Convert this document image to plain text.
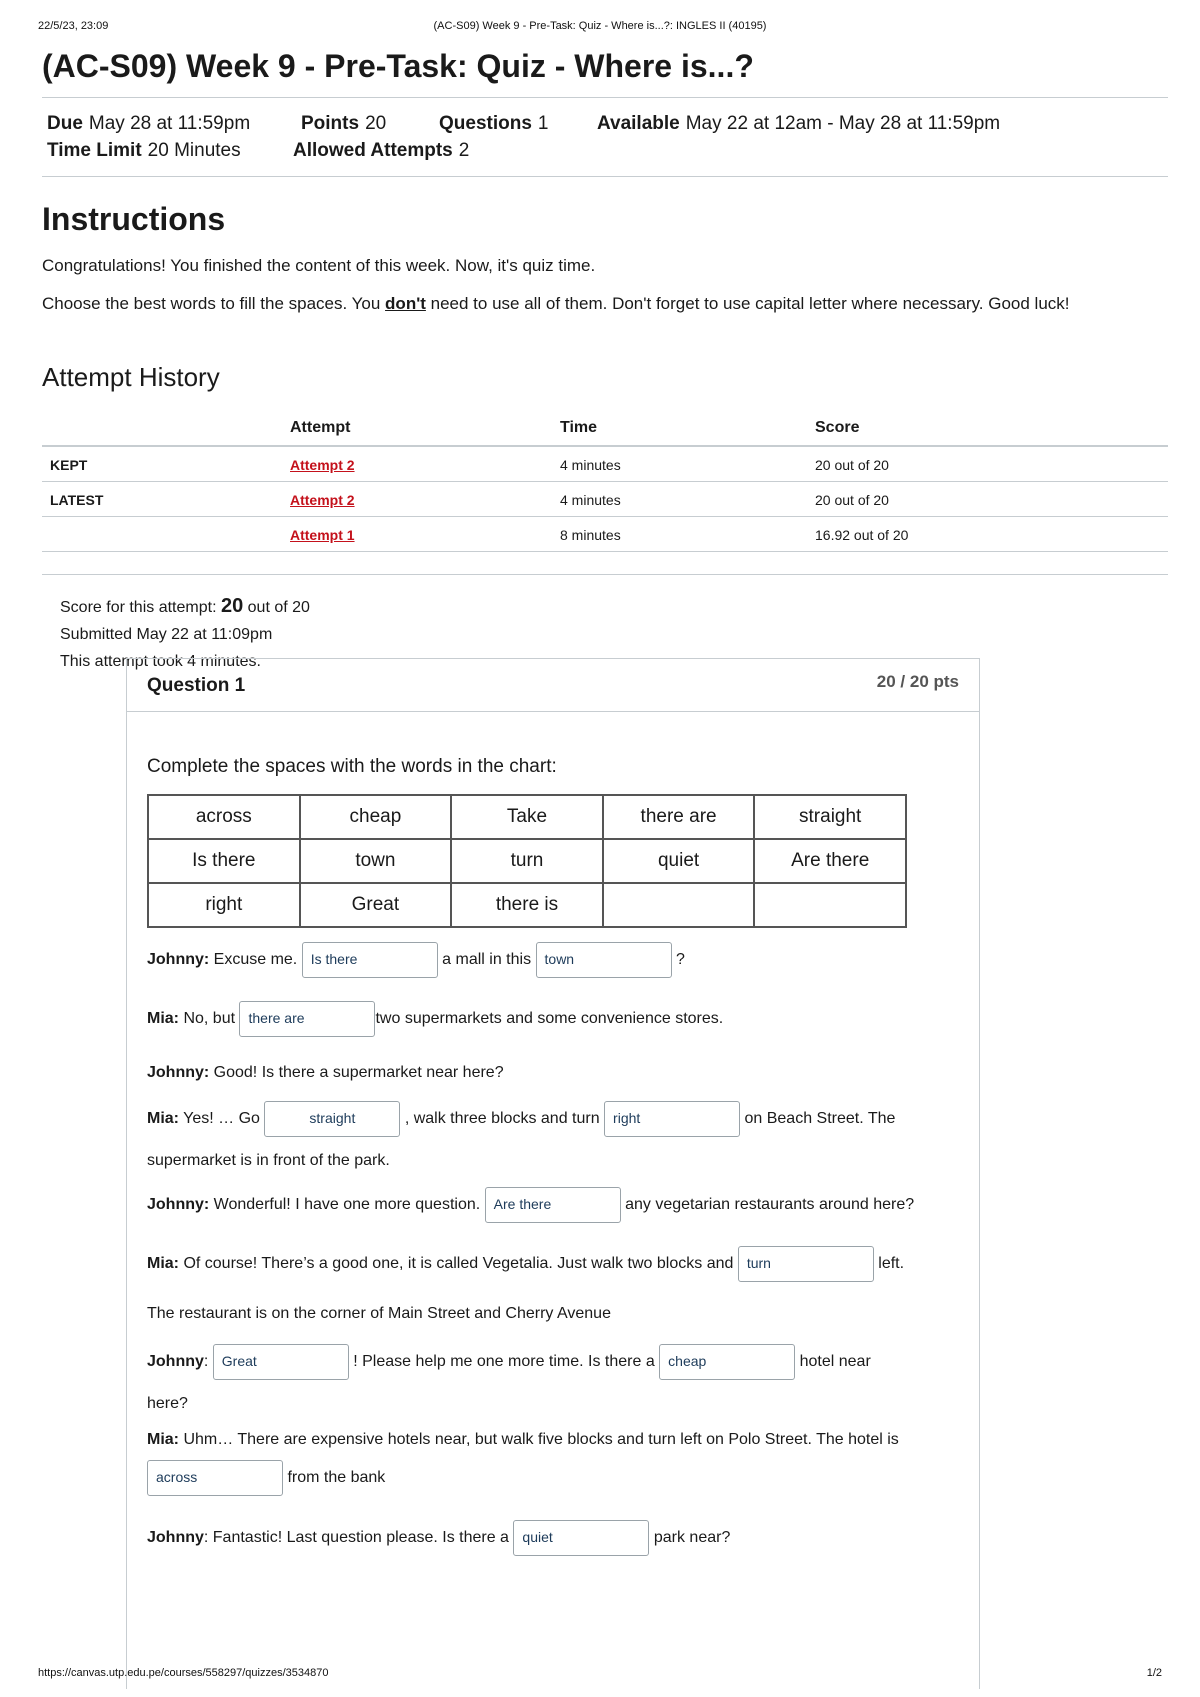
22/5/23, 23:09	(AC-S09) Week 9 - Pre-Task: Quiz - Where is...?: INGLES II (40195)
(AC-S09) Week 9 - Pre-Task: Quiz - Where is...?
Due May 28 at 11:59pm	Points 20	Questions 1	Available May 22 at 12am - May 28 at 11:59pm
Time Limit 20 Minutes	Allowed Attempts 2
Instructions

Congratulations! You finished the content of this week. Now, it's quiz time.

Choose the best words to fill the spaces. You don't need to use all of them. Don't forget to use capital letter where necessary. Good luck!

Attempt History
	Attempt	Time	Score
KEPT	Attempt 2	4 minutes	20 out of 20
LATEST	Attempt 2	4 minutes	20 out of 20
	Attempt 1	8 minutes	16.92 out of 20
Score for this attempt: 20 out of 20
Submitted May 22 at 11:09pm
This attempt took 4 minutes.
Question 1	20 / 20 pts
Complete the spaces with the words in the chart:
across	cheap	Take	there are	straight
Is there	town	turn	quiet	Are there
right	Great	there is		
Johnny: Excuse me. Is there	a mall in this town	?
Mia: No, but there are	two supermarkets and some convenience stores.
Johnny: Good! Is there a supermarket near here?
Mia: Yes! … Go	straight	, walk three blocks and turn right	on Beach Street. The
supermarket is in front of the park.
Johnny: Wonderful! I have one more question. Are there	any vegetarian restaurants around here?
Mia: Of course! There’s a good one, it is called Vegetalia. Just walk two blocks and turn	left.
The restaurant is on the corner of Main Street and Cherry Avenue
Johnny: Great	! Please help me one more time. Is there a cheap	hotel near
here?
Mia: Uhm… There are expensive hotels near, but walk five blocks and turn left on Polo Street. The hotel is
across	from the bank
Johnny: Fantastic! Last question please. Is there a quiet	park near?
https://canvas.utp.edu.pe/courses/558297/quizzes/3534870	1/2
